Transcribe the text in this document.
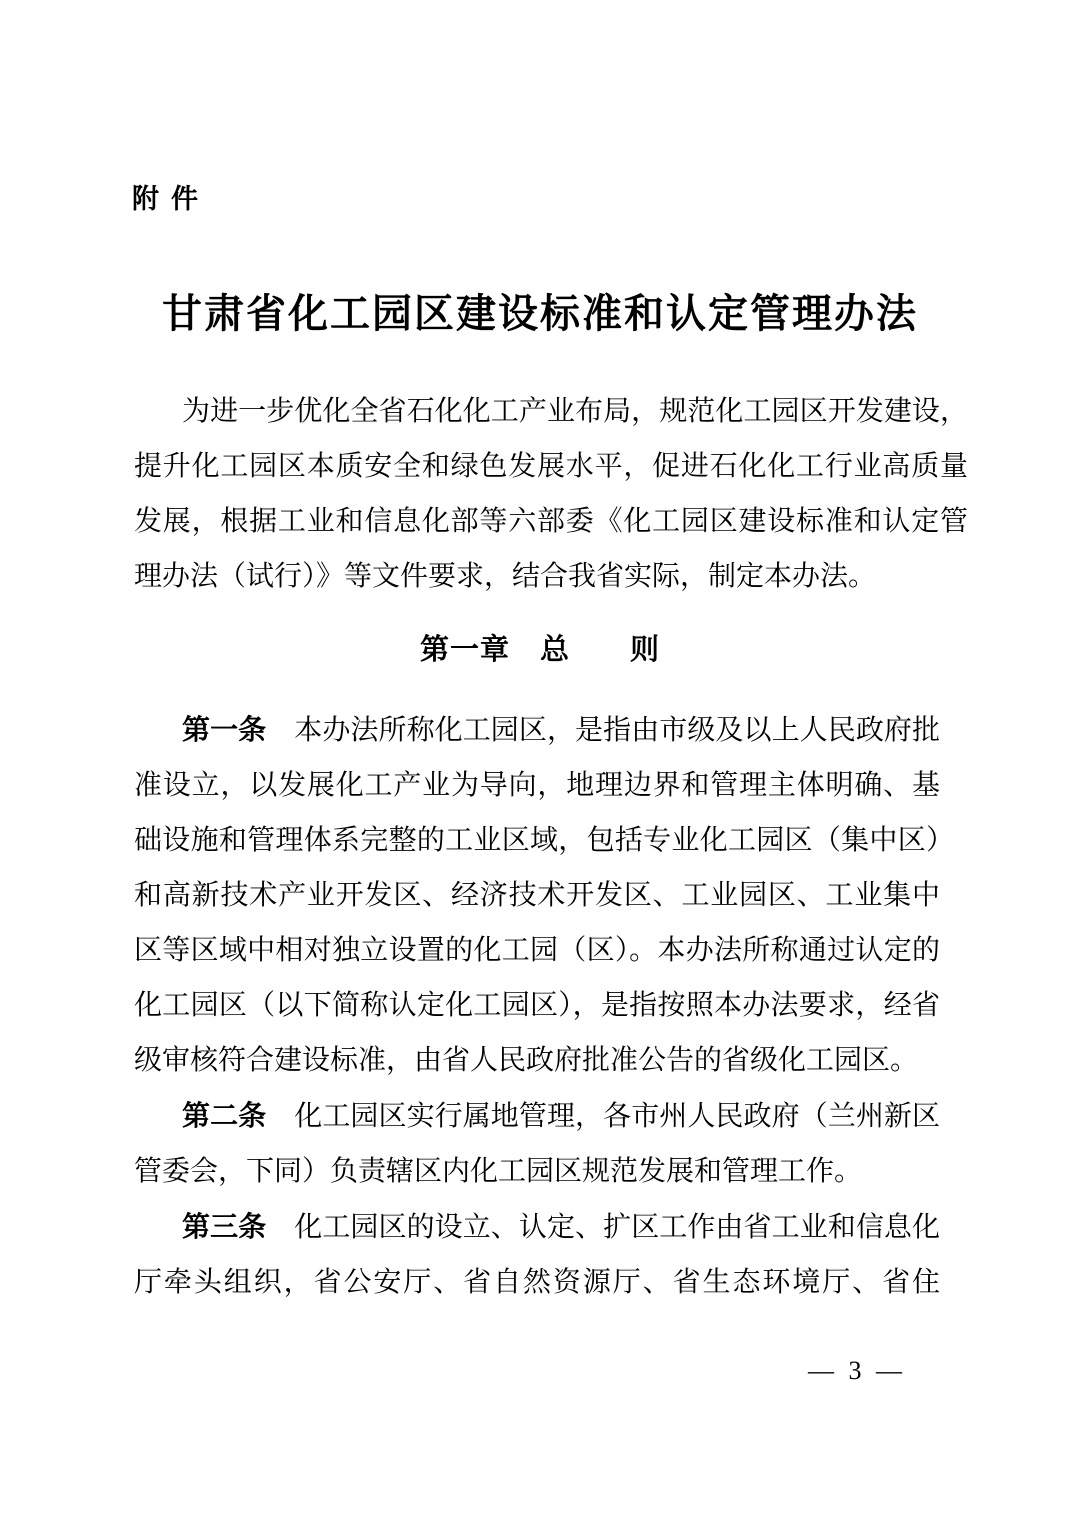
附件
甘肃省化工园区建设标准和认定管理办法

为进一步优化全省石化化工产业布局，规范化工园区开发建设，提升化工园区本质安全和绿色发展水平，促进石化化工行业高质量发展，根据工业和信息化部等六部委《化工园区建设标准和认定管理办法（试行）》等文件要求，结合我省实际，制定本办法。

第一章　总　　则

第一条 本办法所称化工园区，是指由市级及以上人民政府批准设立，以发展化工产业为导向，地理边界和管理主体明确、基础设施和管理体系完整的工业区域，包括专业化工园区（集中区）和高新技术产业开发区、经济技术开发区、工业园区、工业集中区等区域中相对独立设置的化工园（区）。本办法所称通过认定的化工园区（以下简称认定化工园区），是指按照本办法要求，经省级审核符合建设标准，由省人民政府批准公告的省级化工园区。

第二条 化工园区实行属地管理，各市州人民政府（兰州新区管委会，下同）负责辖区内化工园区规范发展和管理工作。

第三条 化工园区的设立、认定、扩区工作由省工业和信息化厅牵头组织，省公安厅、省自然资源厅、省生态环境厅、省住

— 3 —
